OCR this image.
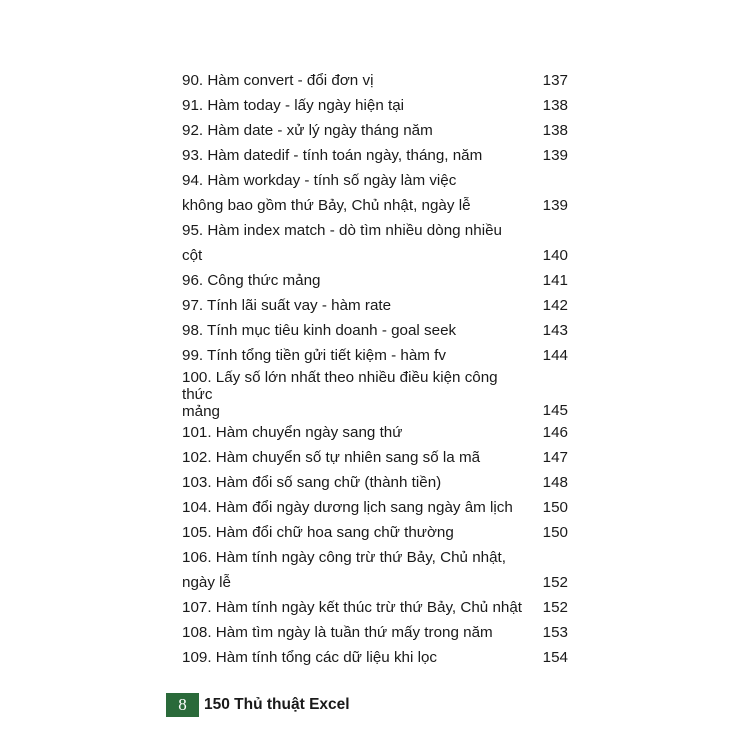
90. Hàm convert - đổi đơn vị	137
91. Hàm today - lấy ngày hiện tại	138
92. Hàm date - xử lý ngày tháng năm	138
93. Hàm datedif - tính toán ngày, tháng, năm	139
94. Hàm workday - tính số ngày làm việc
không bao gồm thứ Bảy, Chủ nhật, ngày lễ	139
95. Hàm index match - dò tìm nhiều dòng nhiều cột	140
96. Công thức mảng	141
97. Tính lãi suất vay - hàm rate	142
98. Tính mục tiêu kinh doanh - goal seek	143
99. Tính tổng tiền gửi tiết kiệm - hàm fv	144
100. Lấy số lớn nhất theo nhiều điều kiện công thức
mảng	145
101. Hàm chuyển ngày sang thứ	146
102. Hàm chuyển số tự nhiên sang số la mã	147
103. Hàm đổi số sang chữ (thành tiền)	148
104. Hàm đổi ngày dương lịch sang ngày âm lịch 150
105. Hàm đổi chữ hoa sang chữ thường	150
106. Hàm tính ngày công trừ thứ Bảy, Chủ nhật,
ngày lễ	152
107. Hàm tính ngày kết thúc trừ thứ Bảy, Chủ nhật 152
108. Hàm tìm ngày là tuần thứ mấy trong năm	153
109. Hàm tính tổng các dữ liệu khi lọc	154
8	150 Thủ thuật Excel
